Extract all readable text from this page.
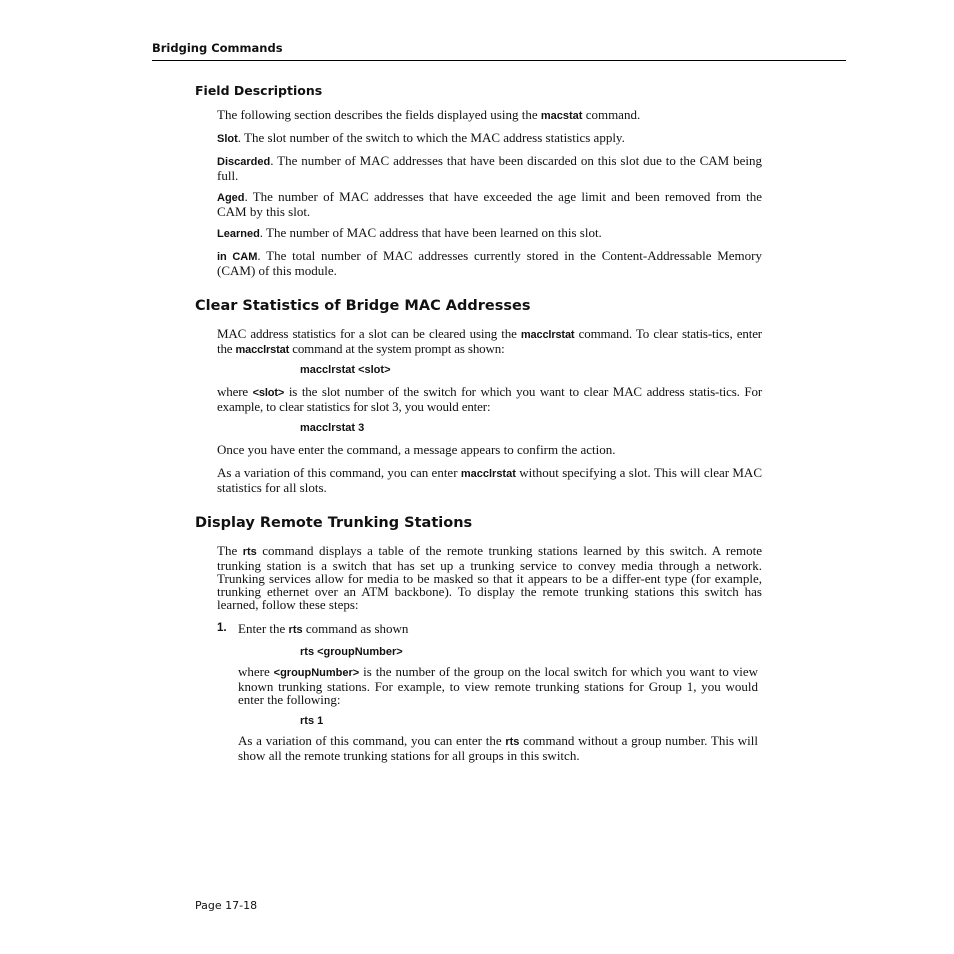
Bridging Commands
Field Descriptions
The following section describes the fields displayed using the macstat command.
Slot. The slot number of the switch to which the MAC address statistics apply.
Discarded. The number of MAC addresses that have been discarded on this slot due to the CAM being full.
Aged. The number of MAC addresses that have exceeded the age limit and been removed from the CAM by this slot.
Learned. The number of MAC address that have been learned on this slot.
in CAM. The total number of MAC addresses currently stored in the Content-Addressable Memory (CAM) of this module.
Clear Statistics of Bridge MAC Addresses
MAC address statistics for a slot can be cleared using the macclrstat command. To clear statis-tics, enter the macclrstat command at the system prompt as shown:
macclrstat <slot>
where <slot> is the slot number of the switch for which you want to clear MAC address statis-tics. For example, to clear statistics for slot 3, you would enter:
macclrstat 3
Once you have enter the command, a message appears to confirm the action.
As a variation of this command, you can enter macclrstat without specifying a slot. This will clear MAC statistics for all slots.
Display Remote Trunking Stations
The rts command displays a table of the remote trunking stations learned by this switch. A remote trunking station is a switch that has set up a trunking service to convey media through a network. Trunking services allow for media to be masked so that it appears to be a differ-ent type (for example, trunking ethernet over an ATM backbone). To display the remote trunking stations this switch has learned, follow these steps:
1. Enter the rts command as shown
rts <groupNumber>
where <groupNumber> is the number of the group on the local switch for which you want to view known trunking stations. For example, to view remote trunking stations for Group 1, you would enter the following:
rts 1
As a variation of this command, you can enter the rts command without a group number. This will show all the remote trunking stations for all groups in this switch.
Page 17-18
